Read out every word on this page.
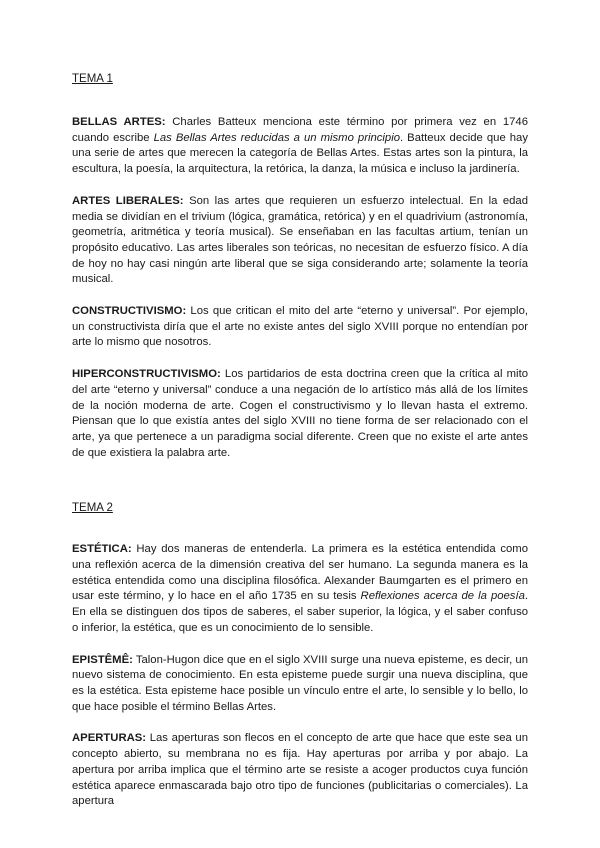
TEMA 1

BELLAS ARTES: Charles Batteux menciona este término por primera vez en 1746 cuando escribe Las Bellas Artes reducidas a un mismo principio. Batteux decide que hay una serie de artes que merecen la categoría de Bellas Artes. Estas artes son la pintura, la escultura, la poesía, la arquitectura, la retórica, la danza, la música e incluso la jardinería.

ARTES LIBERALES: Son las artes que requieren un esfuerzo intelectual. En la edad media se dividían en el trivium (lógica, gramática, retórica) y en el quadrivium (astronomía, geometría, aritmética y teoría musical). Se enseñaban en las facultas artium, tenían un propósito educativo. Las artes liberales son teóricas, no necesitan de esfuerzo físico. A día de hoy no hay casi ningún arte liberal que se siga considerando arte; solamente la teoría musical.

CONSTRUCTIVISMO: Los que critican el mito del arte “eterno y universal”. Por ejemplo, un constructivista diría que el arte no existe antes del siglo XVIII porque no entendían por arte lo mismo que nosotros.

HIPERCONSTRUCTIVISMO: Los partidarios de esta doctrina creen que la crítica al mito del arte “eterno y universal” conduce a una negación de lo artístico más allá de los límites de la noción moderna de arte. Cogen el constructivismo y lo llevan hasta el extremo. Piensan que lo que existía antes del siglo XVIII no tiene forma de ser relacionado con el arte, ya que pertenece a un paradigma social diferente. Creen que no existe el arte antes de que existiera la palabra arte.

TEMA 2

ESTÉTICA: Hay dos maneras de entenderla. La primera es la estética entendida como una reflexión acerca de la dimensión creativa del ser humano. La segunda manera es la estética entendida como una disciplina filosófica. Alexander Baumgarten es el primero en usar este término, y lo hace en el año 1735 en su tesis Reflexiones acerca de la poesía. En ella se distinguen dos tipos de saberes, el saber superior, la lógica, y el saber confuso o inferior, la estética, que es un conocimiento de lo sensible.

EPISTÊMÊ: Talon-Hugon dice que en el siglo XVIII surge una nueva episteme, es decir, un nuevo sistema de conocimiento. En esta episteme puede surgir una nueva disciplina, que es la estética. Esta episteme hace posible un vínculo entre el arte, lo sensible y lo bello, lo que hace posible el término Bellas Artes.

APERTURAS: Las aperturas son flecos en el concepto de arte que hace que este sea un concepto abierto, su membrana no es fija. Hay aperturas por arriba y por abajo. La apertura por arriba implica que el término arte se resiste a acoger productos cuya función estética aparece enmascarada bajo otro tipo de funciones (publicitarias o comerciales). La apertura
